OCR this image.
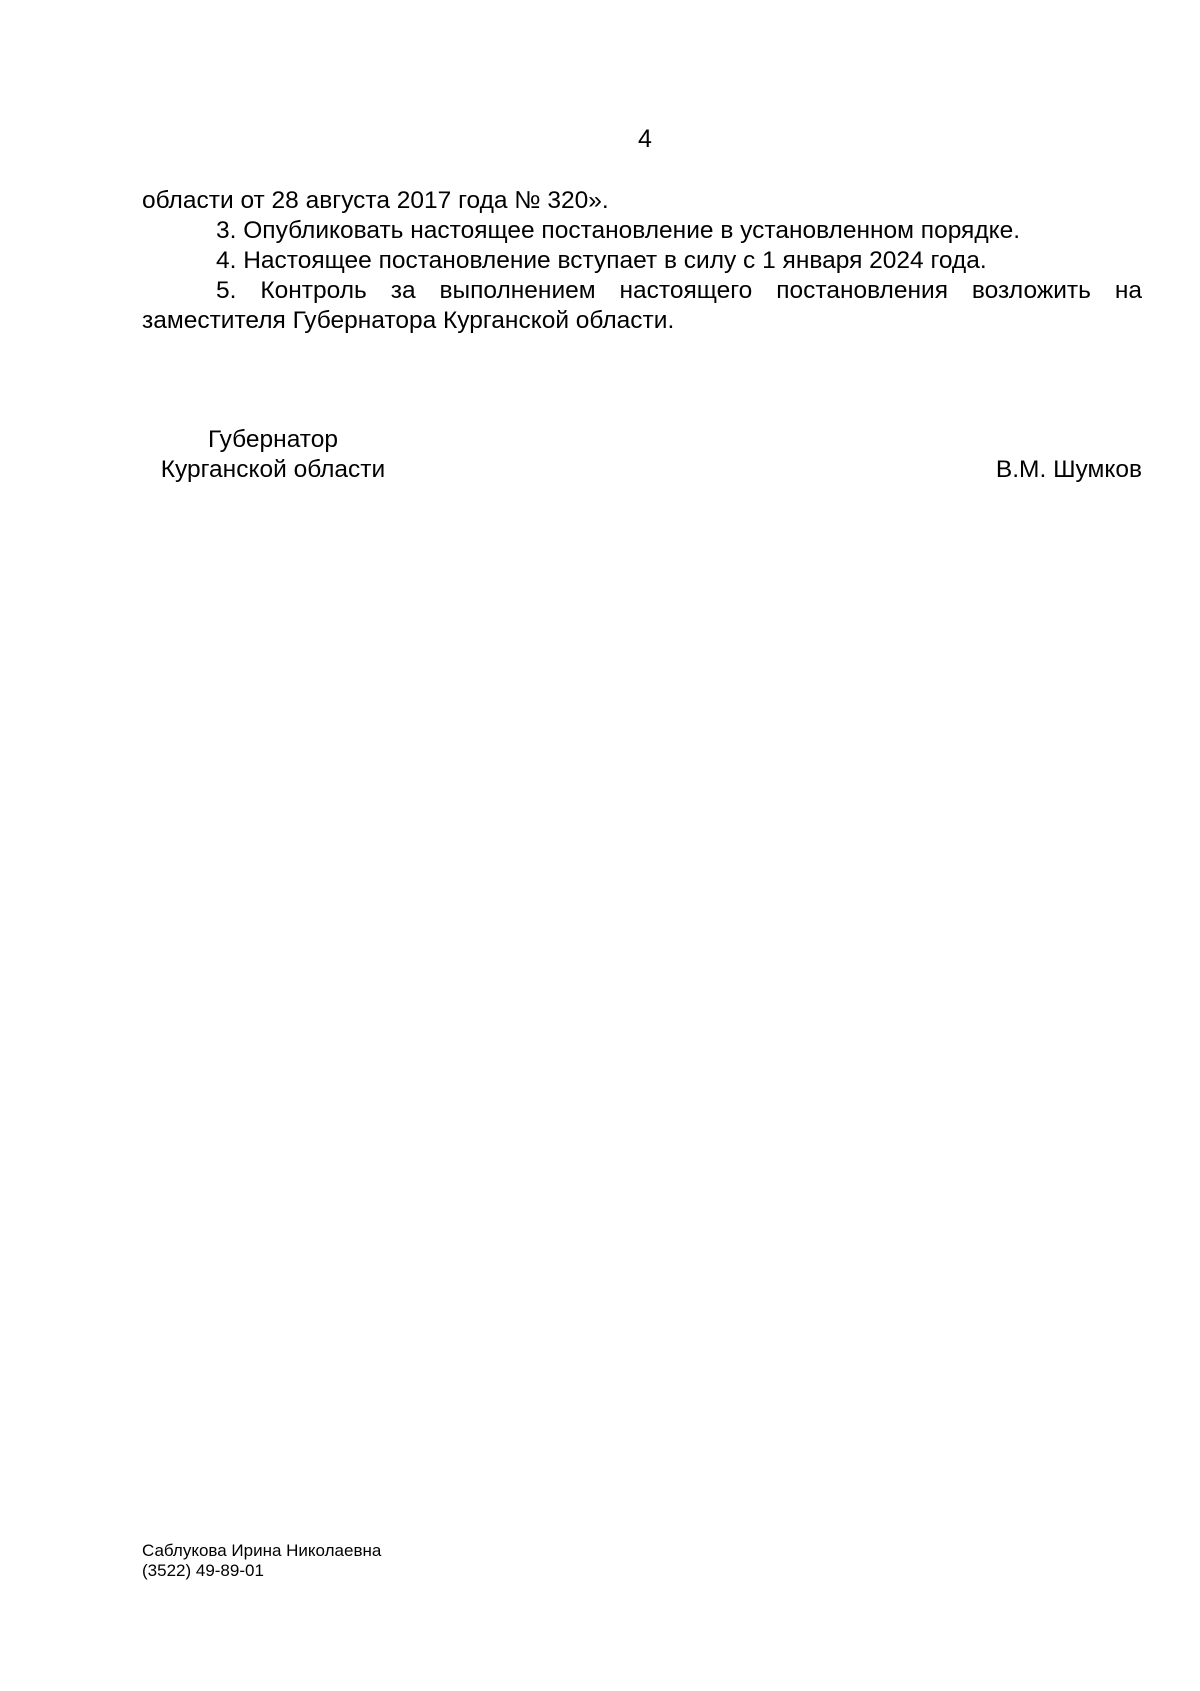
4

области от 28 августа 2017 года № 320».

3. Опубликовать настоящее постановление в установленном порядке.

4. Настоящее постановление вступает в силу с 1 января 2024 года.

5. Контроль за выполнением настоящего постановления возложить на заместителя Губернатора Курганской области.

Губернатор
Курганской области	В.М. Шумков
Саблукова Ирина Николаевна
(3522) 49-89-01
